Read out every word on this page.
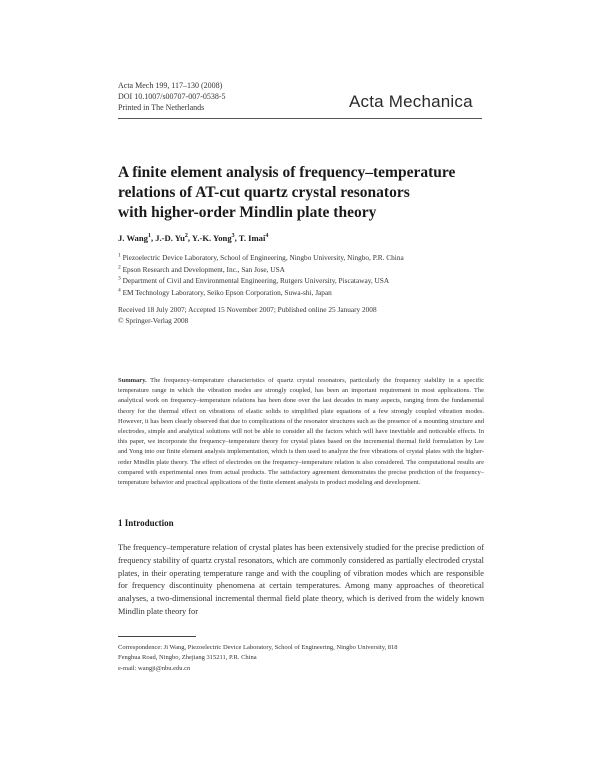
Acta Mech 199, 117–130 (2008)
DOI 10.1007/s00707-007-0538-5
Printed in The Netherlands	Acta Mechanica
A finite element analysis of frequency–temperature
relations of AT-cut quartz crystal resonators
with higher-order Mindlin plate theory
J. Wang$^1$, J.-D. Yu$^2$, Y.-K. Yong$^3$, T. Imai$^4$
$^1$ Piezoelectric Device Laboratory, School of Engineering, Ningbo University, Ningbo, P.R. China
$^2$ Epson Research and Development, Inc., San Jose, USA
$^3$ Department of Civil and Environmental Engineering, Rutgers University, Piscataway, USA
$^4$ EM Technology Laboratory, Seiko Epson Corporation, Suwa-shi, Japan
Received 18 July 2007; Accepted 15 November 2007; Published online 25 January 2008
© Springer-Verlag 2008
Summary. The frequency–temperature characteristics of quartz crystal resonators, particularly the frequency stability in a specific temperature range in which the vibration modes are strongly coupled, has been an important requirement in most applications. The analytical work on frequency–temperature relations has been done over the last decades in many aspects, ranging from the fundamental theory for the thermal effect on vibrations of elastic solids to simplified plate equations of a few strongly coupled vibration modes. However, it has been clearly observed that due to complications of the resonator structures such as the presence of a mounting structure and electrodes, simple and analytical solutions will not be able to consider all the factors which will have inevitable and noticeable effects. In this paper, we incorporate the frequency–temperature theory for crystal plates based on the incremental thermal field formulation by Lee and Yong into our finite element analysis implementation, which is then used to analyze the free vibrations of crystal plates with the higher-order Mindlin plate theory. The effect of electrodes on the frequency–temperature relation is also considered. The computational results are compared with experimental ones from actual products. The satisfactory agreement demonstrates the precise prediction of the frequency–temperature behavior and practical applications of the finite element analysis in product modeling and development.
1 Introduction
The frequency–temperature relation of crystal plates has been extensively studied for the precise prediction of frequency stability of quartz crystal resonators, which are commonly considered as partially electroded crystal plates, in their operating temperature range and with the coupling of vibration modes which are responsible for frequency discontinuity phenomena at certain temperatures. Among many approaches of theoretical analyses, a two-dimensional incremental thermal field plate theory, which is derived from the widely known Mindlin plate theory for
Correspondence: Ji Wang, Piezoelectric Device Laboratory, School of Engineering, Ningbo University, 818
Fenghua Road, Ningbo, Zhejiang 315211, P.R. China
e-mail: wangji@nbu.edu.cn
